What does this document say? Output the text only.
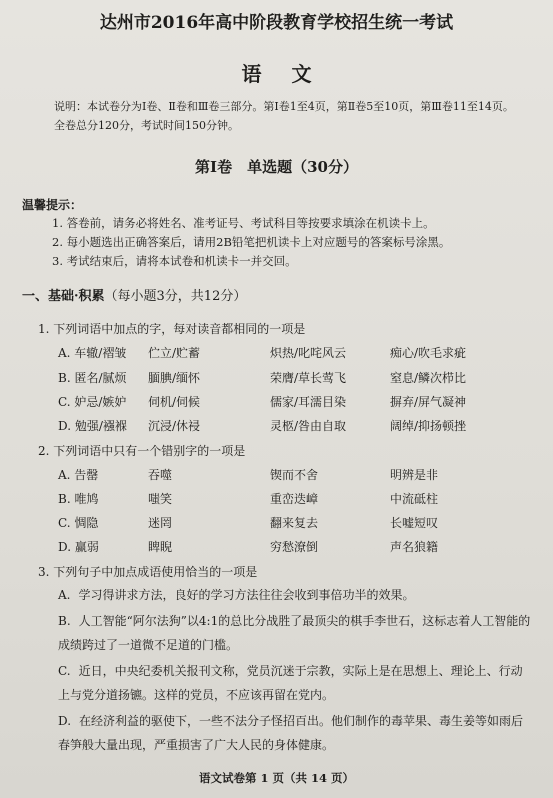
达州市2016年高中阶段教育学校招生统一考试
语文
说明：本试卷分为Ⅰ卷、Ⅱ卷和Ⅲ卷三部分。第Ⅰ卷1至4页，第Ⅱ卷5至10页，第Ⅲ卷11至14页。全卷总分120分，考试时间150分钟。
第Ⅰ卷　单选题（30分）
温馨提示：
1. 答卷前，请务必将姓名、准考证号、考试科目等按要求填涂在机读卡上。
2. 每小题选出正确答案后，请用2B铅笔把机读卡上对应题号的答案标号涂黑。
3. 考试结束后，请将本试卷和机读卡一并交回。
一、基础·积累（每小题3分，共12分）
1. 下列词语中加点的字，每对读音都相同的一项是
A. 车辙/褶皱 伫立/贮蓄	炽热/叱咤风云	痴心/吹毛求疵
B. 匿名/腻烦 腼腆/缅怀	荣膺/草长莺飞	窒息/鳞次栉比
C. 妒忌/嫉妒 伺机/伺候	儒家/耳濡目染	摒弃/屏气凝神
D. 勉强/襁褓 沉浸/休祲	灵柩/咎由自取	阔绰/抑扬顿挫
2. 下列词语中只有一个错别字的一项是
A. 告罄	吞噬	锲而不舍	明辨是非
B. 唯鸠	嗤笑	重峦迭嶂	中流砥柱
C. 惆隐	迷罔	翻来复去	长嘘短叹
D. 赢弱	睥睨	穷愁潦倒	声名狼籍
3. 下列句子中加点成语使用恰当的一项是
A. 学习得讲求方法，良好的学习方法往往会收到事倍功半的效果。
B. 人工智能“阿尔法狗”以4:1的总比分战胜了最顶尖的棋手李世石，这标志着人工智能的成绩跨过了一道微不足道的门槛。
C. 近日，中央纪委机关报刊文称，党员沉迷于宗教，实际上是在思想上、理论上、行动上与党分道扬镳。这样的党员，不应该再留在党内。
D. 在经济利益的驱使下，一些不法分子怪招百出。他们制作的毒苹果、毒生姜等如雨后春笋般大量出现，严重损害了广大人民的身体健康。
语文试卷第 1 页（共 14 页）
